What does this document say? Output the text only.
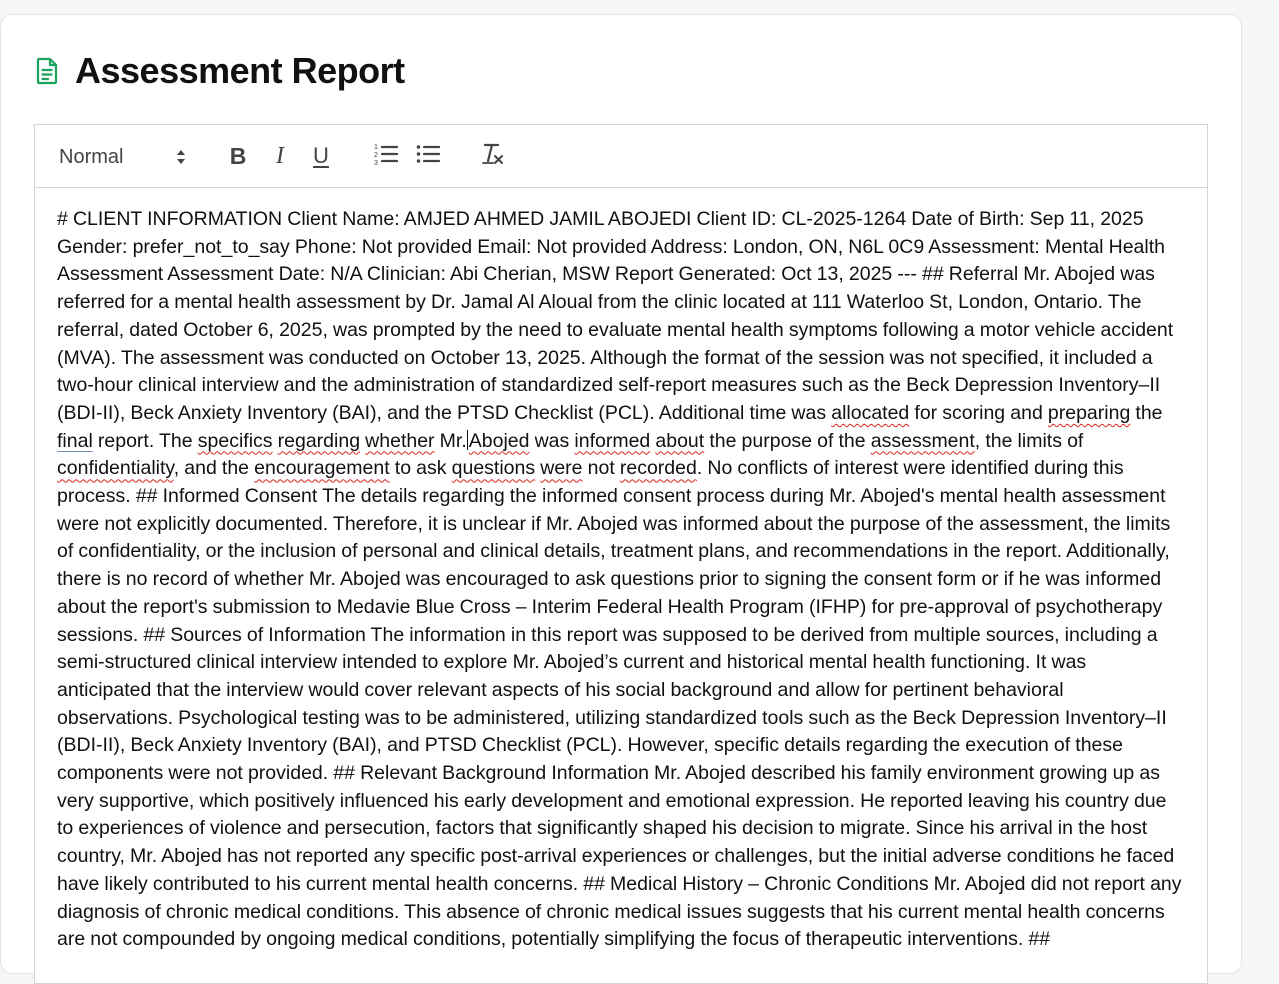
Assessment Report
Normal	B I U	1
2
3
# CLIENT INFORMATION Client Name: AMJED AHMED JAMIL ABOJEDI Client ID: CL-2025-1264 Date of Birth: Sep 11, 2025 Gender: prefer_not_to_say Phone: Not provided Email: Not provided Address: London, ON, N6L 0C9 Assessment: Mental Health Assessment Assessment Date: N/A Clinician: Abi Cherian, MSW Report Generated: Oct 13, 2025 --- ## Referral Mr. Abojed was referred for a mental health assessment by Dr. Jamal Al Aloual from the clinic located at 111 Waterloo St, London, Ontario. The referral, dated October 6, 2025, was prompted by the need to evaluate mental health symptoms following a motor vehicle accident (MVA). The assessment was conducted on October 13, 2025. Although the format of the session was not specified, it included a two-hour clinical interview and the administration of standardized self-report measures such as the Beck Depression Inventory–II (BDI-II), Beck Anxiety Inventory (BAI), and the PTSD Checklist (PCL). Additional time was allocated for scoring and preparing the final report. The specifics regarding whether Mr. Abojed was informed about the purpose of the assessment, the limits of confidentiality, and the encouragement to ask questions were not recorded. No conflicts of interest were identified during this process. ## Informed Consent The details regarding the informed consent process during Mr. Abojed's mental health assessment were not explicitly documented. Therefore, it is unclear if Mr. Abojed was informed about the purpose of the assessment, the limits of confidentiality, or the inclusion of personal and clinical details, treatment plans, and recommendations in the report. Additionally, there is no record of whether Mr. Abojed was encouraged to ask questions prior to signing the consent form or if he was informed about the report's submission to Medavie Blue Cross – Interim Federal Health Program (IFHP) for pre-approval of psychotherapy sessions. ## Sources of Information The information in this report was supposed to be derived from multiple sources, including a semi-structured clinical interview intended to explore Mr. Abojed’s current and historical mental health functioning. It was anticipated that the interview would cover relevant aspects of his social background and allow for pertinent behavioral observations. Psychological testing was to be administered, utilizing standardized tools such as the Beck Depression Inventory–II (BDI-II), Beck Anxiety Inventory (BAI), and PTSD Checklist (PCL). However, specific details regarding the execution of these components were not provided. ## Relevant Background Information Mr. Abojed described his family environment growing up as very supportive, which positively influenced his early development and emotional expression. He reported leaving his country due to experiences of violence and persecution, factors that significantly shaped his decision to migrate. Since his arrival in the host country, Mr. Abojed has not reported any specific post-arrival experiences or challenges, but the initial adverse conditions he faced have likely contributed to his current mental health concerns. ## Medical History – Chronic Conditions Mr. Abojed did not report any diagnosis of chronic medical conditions. This absence of chronic medical issues suggests that his current mental health concerns are not compounded by ongoing medical conditions, potentially simplifying the focus of therapeutic interventions. ##
